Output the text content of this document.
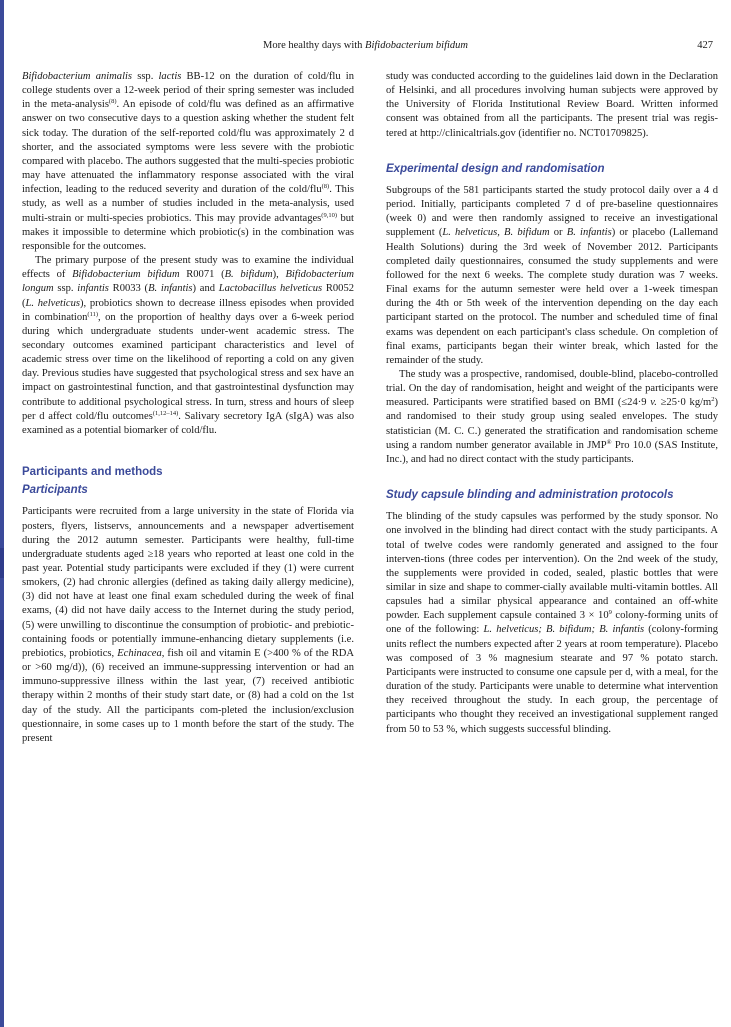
More healthy days with Bifidobacterium bifidum	427

Bifidobacterium animalis ssp. lactis BB-12 on the duration of cold/flu in college students over a 12-week period of their spring semester was included in the meta-analysis$^{(8)}$. An episode of cold/flu was defined as an affirmative answer on two consecutive days to a question asking whether the student felt sick today. The duration of the self-reported cold/flu was approximately 2 d shorter, and the associated symptoms were less severe with the probiotic compared with placebo. The authors suggested that the multi-species probiotic may have attenuated the inflammatory response associated with the viral infection, leading to the reduced severity and duration of the cold/flu$^{(8)}$. This study, as well as a number of studies included in the meta-analysis, used multi-strain or multi-species probiotics. This may provide advantages$^{(9,10)}$ but makes it impossible to determine which probiotic(s) in the combination was responsible for the outcomes.

The primary purpose of the present study was to examine the individual effects of Bifidobacterium bifidum R0071 (B. bifidum), Bifidobacterium longum ssp. infantis R0033 (B. infantis) and Lactobacillus helveticus R0052 (L. helveticus), probiotics shown to decrease illness episodes when provided in combination$^{(11)}$, on the proportion of healthy days over a 6-week period during which undergraduate students under-went academic stress. The secondary outcomes examined participant characteristics and level of academic stress over time on the likelihood of reporting a cold on any given day. Previous studies have suggested that psychological stress and sex have an impact on gastrointestinal function, and that gastrointestinal dysfunction may contribute to additional psychological stress. In turn, stress and hours of sleep per d affect cold/flu outcomes$^{(1,12-14)}$. Salivary secretory IgA (sIgA) was also examined as a potential biomarker of cold/flu.

Participants and methods
Participants

Participants were recruited from a large university in the state of Florida via posters, flyers, listservs, announcements and a newspaper advertisement during the 2012 autumn semester. Participants were healthy, full-time undergraduate students aged ≥18 years who reported at least one cold in the past year. Potential study participants were excluded if they (1) were current smokers, (2) had chronic allergies (defined as taking daily allergy medicine), (3) did not have at least one final exam scheduled during the week of final exams, (4) did not have daily access to the Internet during the study period, (5) were unwilling to discontinue the consumption of probiotic- and prebiotic-containing foods or potentially immune-enhancing dietary supplements (i.e. prebiotics, probiotics, Echinacea, fish oil and vitamin E (>400 % of the RDA or >60 mg/d)), (6) received an immune-suppressing intervention or had an immuno-suppressive illness within the last year, (7) received antibiotic therapy within 2 months of their study start date, or (8) had a cold on the 1st day of the study. All the participants com-pleted the inclusion/exclusion questionnaire, in some cases up to 1 month before the start of the study. The present

study was conducted according to the guidelines laid down in the Declaration of Helsinki, and all procedures involving human subjects were approved by the University of Florida Institutional Review Board. Written informed consent was obtained from all the participants. The present trial was regis-tered at http://clinicaltrials.gov (identifier no. NCT01709825).

Experimental design and randomisation

Subgroups of the 581 participants started the study protocol daily over a 4 d period. Initially, participants completed 7 d of pre-baseline questionnaires (week 0) and were then randomly assigned to receive an investigational supplement (L. helveticus, B. bifidum or B. infantis) or placebo (Lallemand Health Solutions) during the 3rd week of November 2012. Participants completed daily questionnaires, consumed the study supplements and were followed for the next 6 weeks. The complete study duration was 7 weeks. Final exams for the autumn semester were held over a 1-week timespan during the 4th or 5th week of the intervention depending on the day each participant started on the protocol. The number and scheduled time of final exams was dependent on each participant's class schedule. On completion of final exams, participants began their winter break, which lasted for the remainder of the study.

The study was a prospective, randomised, double-blind, placebo-controlled trial. On the day of randomisation, height and weight of the participants were measured. Participants were stratified based on BMI (≤24·9 v. ≥25·0 $kg/m^2$) and randomised to their study group using sealed envelopes. The study statistician (M. C. C.) generated the stratification and randomisation scheme using a random number generator available in JMP® Pro 10.0 (SAS Institute, Inc.), and had no direct contact with the study participants.

Study capsule blinding and administration protocols

The blinding of the study capsules was performed by the study sponsor. No one involved in the blinding had direct contact with the study participants. A total of twelve codes were randomly generated and assigned to the four interven-tions (three codes per intervention). On the 2nd week of the study, the supplements were provided in coded, sealed, plastic bottles that were similar in size and shape to commer-cially available multi-vitamin bottles. All capsules had a similar physical appearance and contained an off-white powder. Each supplement capsule contained $3 \times 10^9$ colony-forming units of one of the following: L. helveticus; B. bifidum; B. infantis (colony-forming units reflect the numbers expected after 2 years at room temperature). Placebo was composed of 3 % magnesium stearate and 97 % potato starch. Participants were instructed to consume one capsule per d, with a meal, for the duration of the study. Participants were unable to determine what intervention they received throughout the study. In each group, the percentage of participants who thought they received an investigational supplement ranged from 50 to 53 %, which suggests successful blinding.
